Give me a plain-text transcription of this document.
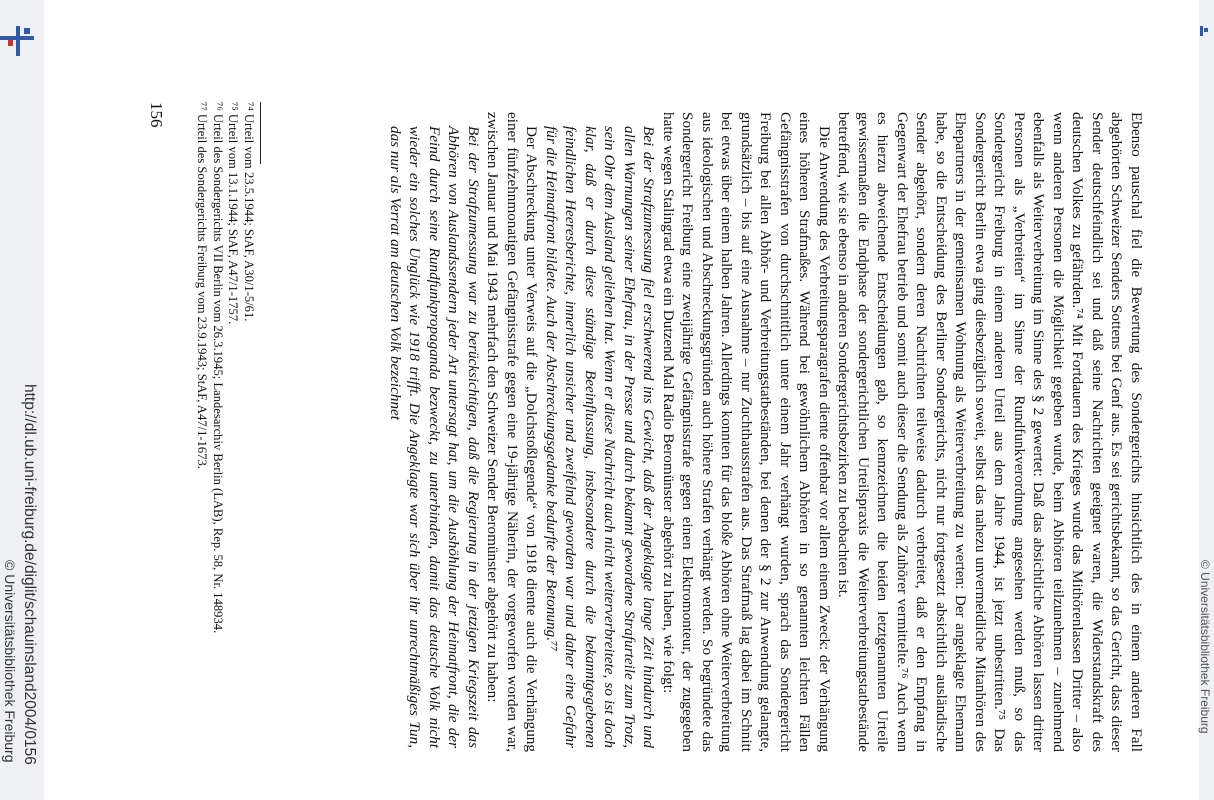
156	Ebenso pauschal fiel die Bewertung des Sondergerichts hinsichtlich des in einem anderen Fall abgehörten Schweizer Senders Sottens bei Genf aus. Es sei gerichtsbekannt, so das Gericht, dass dieser Sender deutschfeindlich sei und daß seine Nachrichten geeignet waren, die Widerstandskraft des deutschen Volkes zu gefährden.⁷⁴ Mit Fortdauern des Krieges wurde das Mithörenlassen Dritter – also wenn anderen Personen die Möglichkeit gegeben wurde, beim Abhören teilzunehmen – zunehmend ebenfalls als Weiterverbreitung im Sinne des § 2 gewertet: Daß das absichtliche Abhören lassen dritter Personen als „Verbreiten“ im Sinne der Rundfunkverordnung angesehen werden muß, so das Sondergericht Freiburg in einem anderen Urteil aus dem Jahre 1944, ist jetzt unbestritten.⁷⁵ Das Sondergericht Berlin etwa ging diesbezüglich soweit, selbst das nahezu unvermeidliche Mitanhören des Ehepartners in der gemeinsamen Wohnung als Weiterverbreitung zu werten: Der angeklagte Ehemann habe, so die Entscheidung des Berliner Sondergerichts, nicht nur fortgesetzt absichtlich ausländische Sender abgehört, sondern deren Nachrichten teilweise dadurch verbreitet, daß er den Empfang in Gegenwart der Ehefrau betrieb und somit auch dieser die Sendung als Zuhörer vermittelte.⁷⁶ Auch wenn es hierzu abweichende Entscheidungen gab, so kennzeichnen die beiden letztgenannten Urteile gewissermaßen die Endphase der sondergerichtlichen Urteilspraxis die Weiterverbreitungstatbestände betreffend, wie sie ebenso in anderen Sondergerichtsbezirken zu beobachten ist.

Die Anwendung des Verbreitungsparagrafen diente offenbar vor allem einem Zweck: der Verhängung eines höheren Strafmaßes. Während bei gewöhnlichem Abhören in so genannten leichten Fällen Gefängnisstrafen von durchschnittlich unter einem Jahr verhängt wurden, sprach das Sondergericht Freiburg bei allen Abhör- und Verbreitungstatbeständen, bei denen der § 2 zur Anwendung gelangte, grundsätzlich – bis auf eine Ausnahme – nur Zuchthausstrafen aus. Das Strafmaß lag dabei im Schnitt bei etwas über einem halben Jahren. Allerdings konnten für das bloße Abhören ohne Weiterverbreitung aus ideologischen und Abschreckungsgründen auch höhere Strafen verhängt werden. So begründete das Sondergericht Freiburg eine zweijährige Gefängnisstrafe gegen einen Elektromonteur, der zugegeben hatte wegen Stalingrad etwa ein Dutzend Mal Radio Beromünster abgehört zu haben, wie folgt:

Bei der Strafzumessung fiel erschwerend ins Gewicht, daß der Angeklagte lange Zeit hindurch und allen Warnungen seiner Ehefrau, in der Presse und durch bekannt gewordene Strafurteile zum Trotz, sein Ohr dem Ausland geliehen hat. Wenn er diese Nachricht auch nicht weiterverbreitete, so ist doch klar, daß er durch diese ständige Beeinflussung, insbesondere durch die bekanntgegebenen feindlichen Heeresberichte, innerlich unsicher und zweifelnd geworden war und daher eine Gefahr für die Heimatfront bildete. Auch der Abschreckungsgedanke bedurfte der Betonung.⁷⁷

Der Abschreckung unter Verweis auf die „Dolchstoßlegende“ von 1918 diente auch die Verhängung einer fünfzehnmonatigen Gefängnisstrafe gegen eine 19-jährige Näherin, der vorgeworfen worden war, zwischen Januar und Mai 1943 mehrfach den Schweizer Sender Beromünster abgehört zu haben:

Bei der Strafzumessung war zu berücksichtigen, daß die Regierung in der jetzigen Kriegszeit das Abhören von Auslandssendern jeder Art untersagt hat, um die Aushöhlung der Heimatfront, die der Feind durch seine Rundfunkpropaganda bezweckt, zu unterbinden, damit das deutsche Volk nicht wieder ein solches Unglück wie 1918 trifft. Die Angeklagte war sich über ihr unrechtmäßiges Tun, das nur als Verrat am deutschen Volk bezeichnet

⁷⁴ Urteil vom 23.5.1944; StAF, A30/1-5/61.
⁷⁵ Urteil vom 13.1.1944; StAF, A47/1-1757.
⁷⁶ Urteil des Sondergerichts VII Berlin vom 26.3.1945; Landesarchiv Berlin (LAB), Rep. 58, Nr. 148934.
⁷⁷ Urteil des Sondergerichts Freiburg vom 23.9.1943; StAF, A47/1-1673.
http://dl.ub.uni-freiburg.de/diglit/schauinsland2004/0156
© Universitätsbibliothek Freiburg	© Universitätsbibliothek Freiburg
